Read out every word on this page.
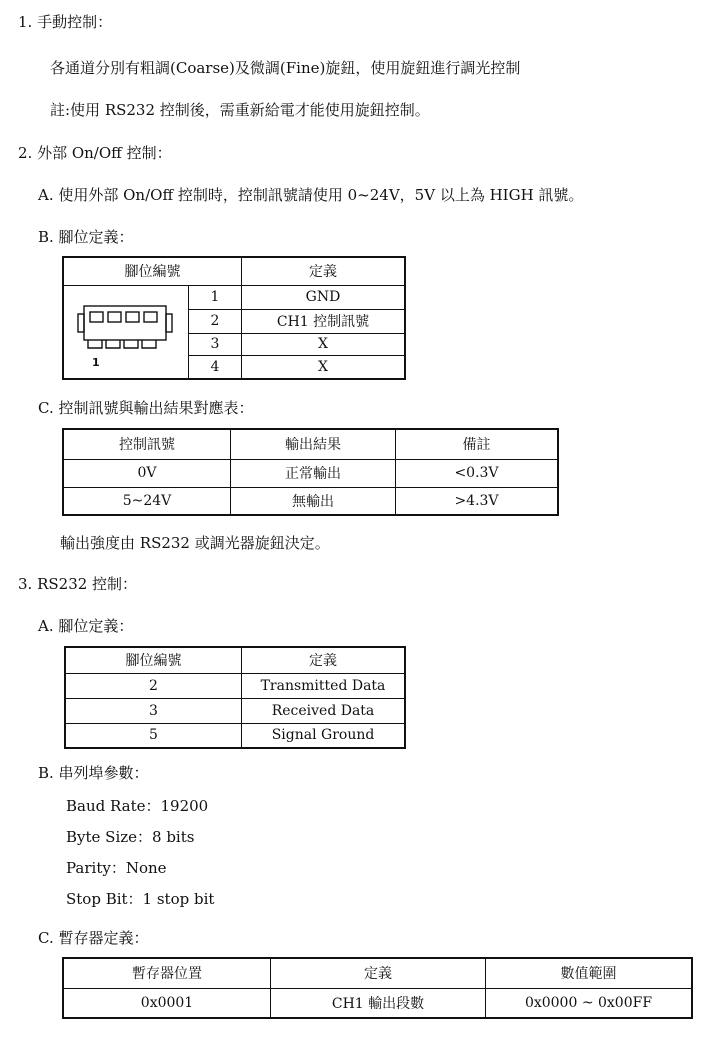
1. 手動控制：
各通道分別有粗調(Coarse)及微調(Fine)旋鈕，使用旋鈕進行調光控制
註:使用 RS232 控制後，需重新給電才能使用旋鈕控制。
2. 外部 On/Off 控制：
A. 使用外部 On/Off 控制時，控制訊號請使用 0~24V，5V 以上為 HIGH 訊號。
B. 腳位定義：
腳位編號		定義

1	1	GND
	2	CH1 控制訊號
	3	X
	4	X
C. 控制訊號與輸出結果對應表：
控制訊號	輸出結果	備註
0V	正常輸出	<0.3V
5~24V	無輸出	>4.3V
輸出強度由 RS232 或調光器旋鈕決定。
3. RS232 控制：
A. 腳位定義：
腳位編號	定義
2	Transmitted Data
3	Received Data
5	Signal Ground
B. 串列埠參數：
Baud Rate：19200
Byte Size：8 bits
Parity：None
Stop Bit：1 stop bit
C. 暫存器定義：
暫存器位置	定義	數值範圍
0x0001	CH1 輸出段數	0x0000 ~ 0x00FF
